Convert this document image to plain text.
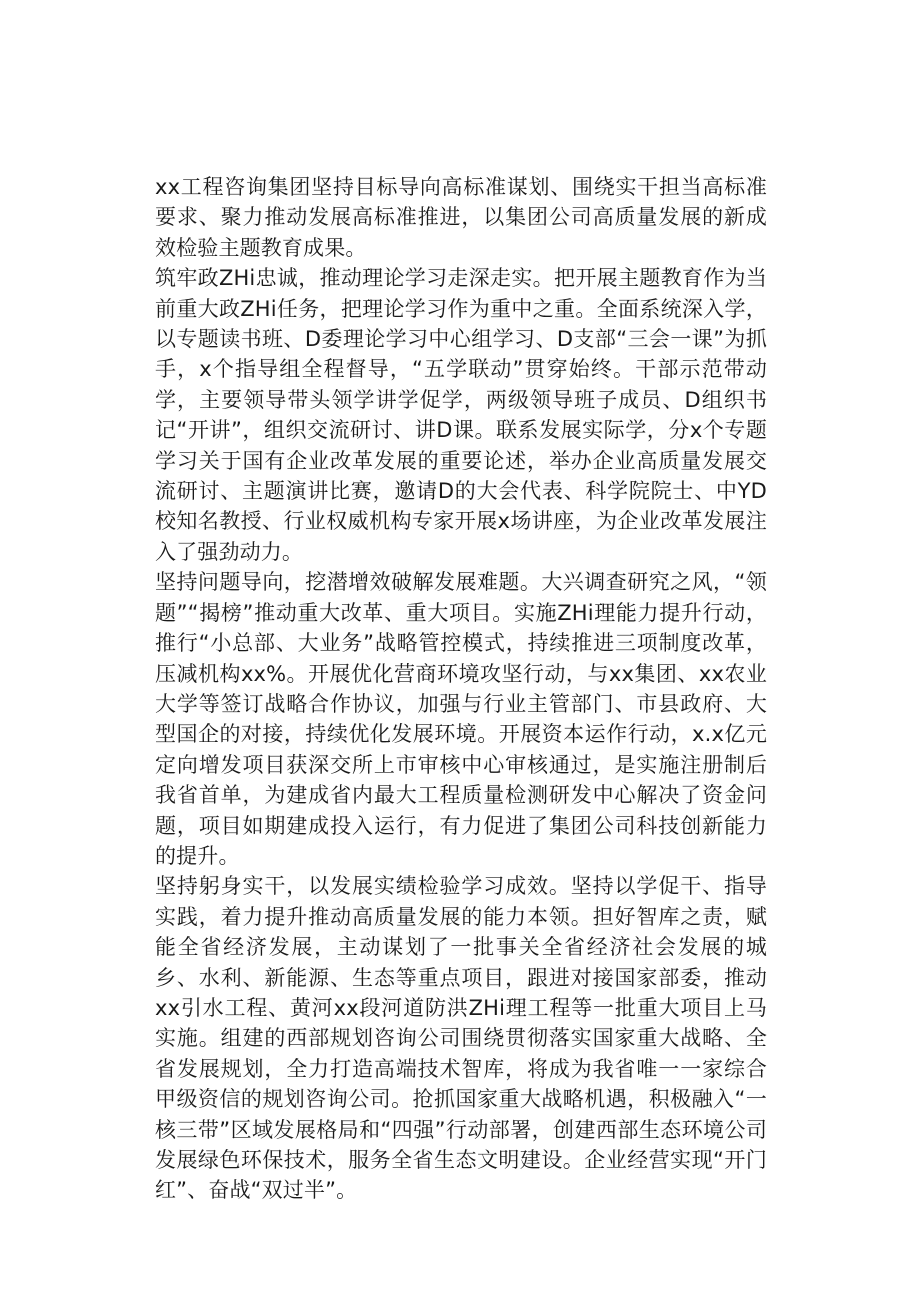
xx工程咨询集团坚持目标导向高标准谋划、围绕实干担当高标准要求、聚力推动发展高标准推进，以集团公司高质量发展的新成效检验主题教育成果。

筑牢政ZHi忠诚，推动理论学习走深走实。把开展主题教育作为当前重大政ZHi任务，把理论学习作为重中之重。全面系统深入学，以专题读书班、D委理论学习中心组学习、D支部“三会一课”为抓手，x个指导组全程督导，“五学联动”贯穿始终。干部示范带动学，主要领导带头领学讲学促学，两级领导班子成员、D组织书记“开讲”，组织交流研讨、讲D课。联系发展实际学，分x个专题学习关于国有企业改革发展的重要论述，举办企业高质量发展交流研讨、主题演讲比赛，邀请D的大会代表、科学院院士、中YD校知名教授、行业权威机构专家开展x场讲座，为企业改革发展注入了强劲动力。

坚持问题导向，挖潜增效破解发展难题。大兴调查研究之风，“领题”“揭榜”推动重大改革、重大项目。实施ZHi理能力提升行动，推行“小总部、大业务”战略管控模式，持续推进三项制度改革，压减机构xx%。开展优化营商环境攻坚行动，与xx集团、xx农业大学等签订战略合作协议，加强与行业主管部门、市县政府、大型国企的对接，持续优化发展环境。开展资本运作行动，x.x亿元定向增发项目获深交所上市审核中心审核通过，是实施注册制后我省首单，为建成省内最大工程质量检测研发中心解决了资金问题，项目如期建成投入运行，有力促进了集团公司科技创新能力的提升。

坚持躬身实干，以发展实绩检验学习成效。坚持以学促干、指导实践，着力提升推动高质量发展的能力本领。担好智库之责，赋能全省经济发展，主动谋划了一批事关全省经济社会发展的城乡、水利、新能源、生态等重点项目，跟进对接国家部委，推动xx引水工程、黄河xx段河道防洪ZHi理工程等一批重大项目上马实施。组建的西部规划咨询公司围绕贯彻落实国家重大战略、全省发展规划，全力打造高端技术智库，将成为我省唯一一家综合甲级资信的规划咨询公司。抢抓国家重大战略机遇，积极融入“一核三带”区域发展格局和“四强”行动部署，创建西部生态环境公司发展绿色环保技术，服务全省生态文明建设。企业经营实现“开门红”、奋战“双过半”。
